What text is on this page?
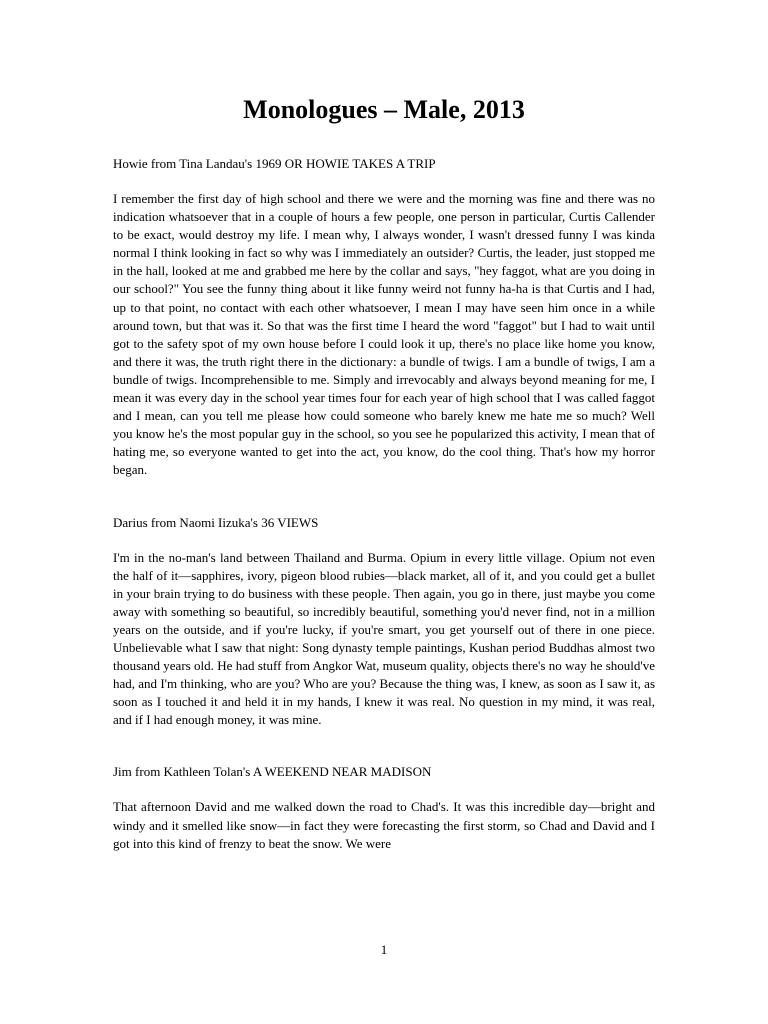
Monologues – Male, 2013

Howie from Tina Landau's 1969 OR HOWIE TAKES A TRIP

I remember the first day of high school and there we were and the morning was fine and there was no indication whatsoever that in a couple of hours a few people, one person in particular, Curtis Callender to be exact, would destroy my life. I mean why, I always wonder, I wasn't dressed funny I was kinda normal I think looking in fact so why was I immediately an outsider? Curtis, the leader, just stopped me in the hall, looked at me and grabbed me here by the collar and says, "hey faggot, what are you doing in our school?" You see the funny thing about it like funny weird not funny ha-ha is that Curtis and I had, up to that point, no contact with each other whatsoever, I mean I may have seen him once in a while around town, but that was it. So that was the first time I heard the word "faggot" but I had to wait until got to the safety spot of my own house before I could look it up, there's no place like home you know, and there it was, the truth right there in the dictionary: a bundle of twigs. I am a bundle of twigs, I am a bundle of twigs. Incomprehensible to me. Simply and irrevocably and always beyond meaning for me, I mean it was every day in the school year times four for each year of high school that I was called faggot and I mean, can you tell me please how could someone who barely knew me hate me so much? Well you know he's the most popular guy in the school, so you see he popularized this activity, I mean that of hating me, so everyone wanted to get into the act, you know, do the cool thing. That's how my horror began.

Darius from Naomi Iizuka's 36 VIEWS

I'm in the no-man's land between Thailand and Burma. Opium in every little village. Opium not even the half of it—sapphires, ivory, pigeon blood rubies—black market, all of it, and you could get a bullet in your brain trying to do business with these people. Then again, you go in there, just maybe you come away with something so beautiful, so incredibly beautiful, something you'd never find, not in a million years on the outside, and if you're lucky, if you're smart, you get yourself out of there in one piece. Unbelievable what I saw that night: Song dynasty temple paintings, Kushan period Buddhas almost two thousand years old. He had stuff from Angkor Wat, museum quality, objects there's no way he should've had, and I'm thinking, who are you? Who are you? Because the thing was, I knew, as soon as I saw it, as soon as I touched it and held it in my hands, I knew it was real. No question in my mind, it was real, and if I had enough money, it was mine.

Jim from Kathleen Tolan's A WEEKEND NEAR MADISON

That afternoon David and me walked down the road to Chad's. It was this incredible day—bright and windy and it smelled like snow—in fact they were forecasting the first storm, so Chad and David and I got into this kind of frenzy to beat the snow. We were

1
